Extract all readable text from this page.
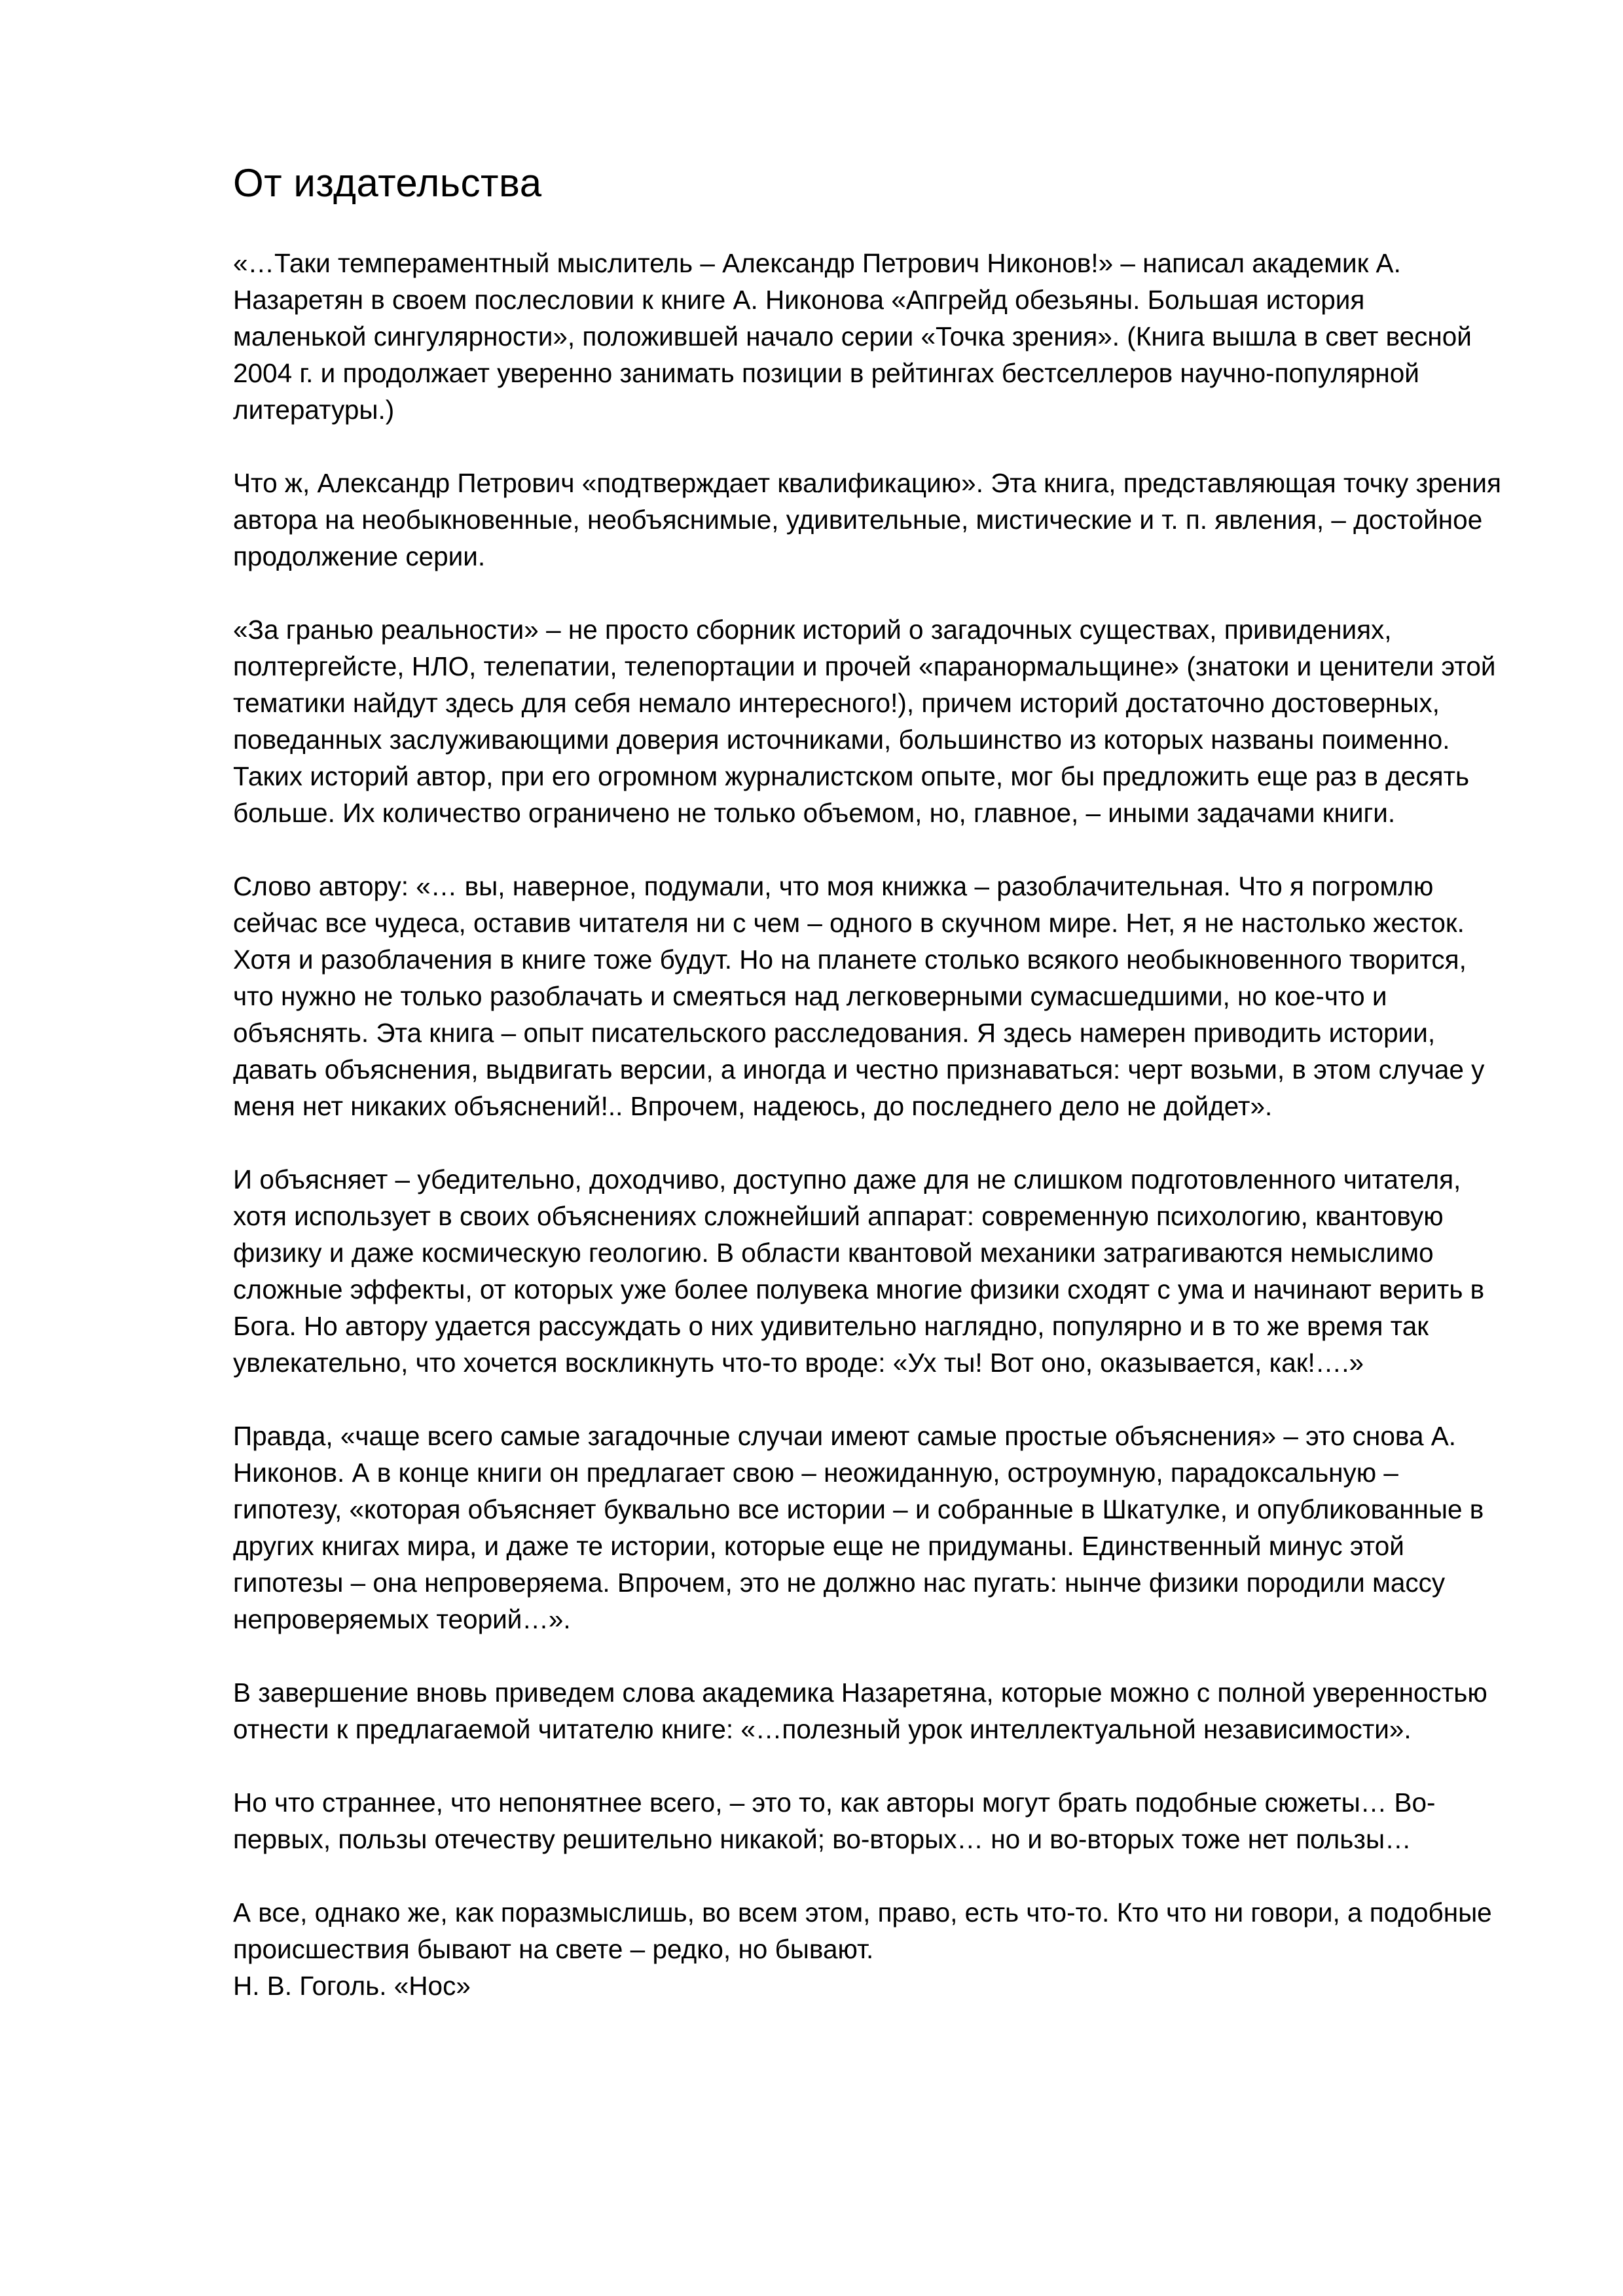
От издательства

«…Таки темпераментный мыслитель – Александр Петрович Никонов!» – написал академик А. Назаретян в своем послесловии к книге А. Никонова «Апгрейд обезьяны. Большая история маленькой сингулярности», положившей начало серии «Точка зрения». (Книга вышла в свет весной 2004 г. и продолжает уверенно занимать позиции в рейтингах бестселлеров научно-популярной литературы.)

Что ж, Александр Петрович «подтверждает квалификацию». Эта книга, представляющая точку зрения автора на необыкновенные, необъяснимые, удивительные, мистические и т. п. явления, – достойное продолжение серии.

«За гранью реальности» – не просто сборник историй о загадочных существах, привидениях, полтергейсте, НЛО, телепатии, телепортации и прочей «паранормальщине» (знатоки и ценители этой тематики найдут здесь для себя немало интересного!), причем историй достаточно достоверных, поведанных заслуживающими доверия источниками, большинство из которых названы поименно. Таких историй автор, при его огромном журналистском опыте, мог бы предложить еще раз в десять больше. Их количество ограничено не только объемом, но, главное, – иными задачами книги.

Слово автору: «… вы, наверное, подумали, что моя книжка – разоблачительная. Что я погромлю сейчас все чудеса, оставив читателя ни с чем – одного в скучном мире. Нет, я не настолько жесток. Хотя и разоблачения в книге тоже будут. Но на планете столько всякого необыкновенного творится, что нужно не только разоблачать и смеяться над легковерными сумасшедшими, но кое-что и объяснять. Эта книга – опыт писательского расследования. Я здесь намерен приводить истории, давать объяснения, выдвигать версии, а иногда и честно признаваться: черт возьми, в этом случае у меня нет никаких объяснений!.. Впрочем, надеюсь, до последнего дело не дойдет».

И объясняет – убедительно, доходчиво, доступно даже для не слишком подготовленного читателя, хотя использует в своих объяснениях сложнейший аппарат: современную психологию, квантовую физику и даже космическую геологию. В области квантовой механики затрагиваются немыслимо сложные эффекты, от которых уже более полувека многие физики сходят с ума и начинают верить в Бога. Но автору удается рассуждать о них удивительно наглядно, популярно и в то же время так увлекательно, что хочется воскликнуть что-то вроде: «Ух ты! Вот оно, оказывается, как!….»

Правда, «чаще всего самые загадочные случаи имеют самые простые объяснения» – это снова А. Никонов. А в конце книги он предлагает свою – неожиданную, остроумную, парадоксальную – гипотезу, «которая объясняет буквально все истории – и собранные в Шкатулке, и опубликованные в других книгах мира, и даже те истории, которые еще не придуманы. Единственный минус этой гипотезы – она непроверяема. Впрочем, это не должно нас пугать: нынче физики породили массу непроверяемых теорий…».

В завершение вновь приведем слова академика Назаретяна, которые можно с полной уверенностью отнести к предлагаемой читателю книге: «…полезный урок интеллектуальной независимости».

Но что страннее, что непонятнее всего, – это то, как авторы могут брать подобные сюжеты… Во-первых, пользы отечеству решительно никакой; во-вторых… но и во-вторых тоже нет пользы…

А все, однако же, как поразмыслишь, во всем этом, право, есть что-то. Кто что ни говори, а подобные происшествия бывают на свете – редко, но бывают.

Н. В. Гоголь. «Нос»
